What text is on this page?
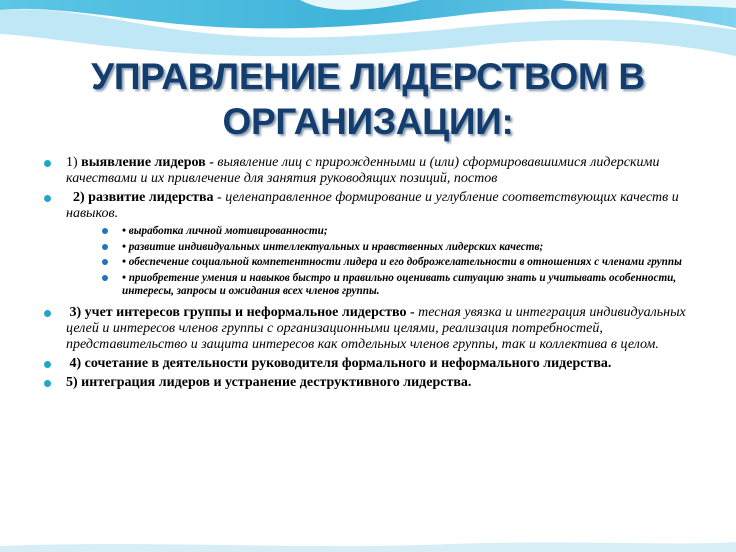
УПРАВЛЕНИЕ ЛИДЕРСТВОМ В
ОРГАНИЗАЦИИ:
1) выявление лидеров - выявление лиц с прирожденными и (или) сформировавшимися лидерскими качествами и их привлечение для занятия руководящих позиций, постов
2) развитие лидерства - целенаправленное формирование и углубление соответствующих качеств и навыков.
• выработка личной мотивированности;
• развитие индивидуальных интеллектуальных и нравственных лидерских качеств;
• обеспечение социальной компетентности лидера и его доброжелательности в отношениях с членами группы
• приобретение умения и навыков быстро и правильно оценивать ситуацию знать и учитывать особенности, интересы, запросы и ожидания всех членов группы.
3) учет интересов группы и неформальное лидерство - тесная увязка и интеграция индивидуальных целей и интересов членов группы с организационными целями, реализация потребностей, представительство и защита интересов как отдельных членов группы, так и коллектива в целом.
4) сочетание в деятельности руководителя формального и неформального лидерства.
5) интеграция лидеров и устранение деструктивного лидерства.
